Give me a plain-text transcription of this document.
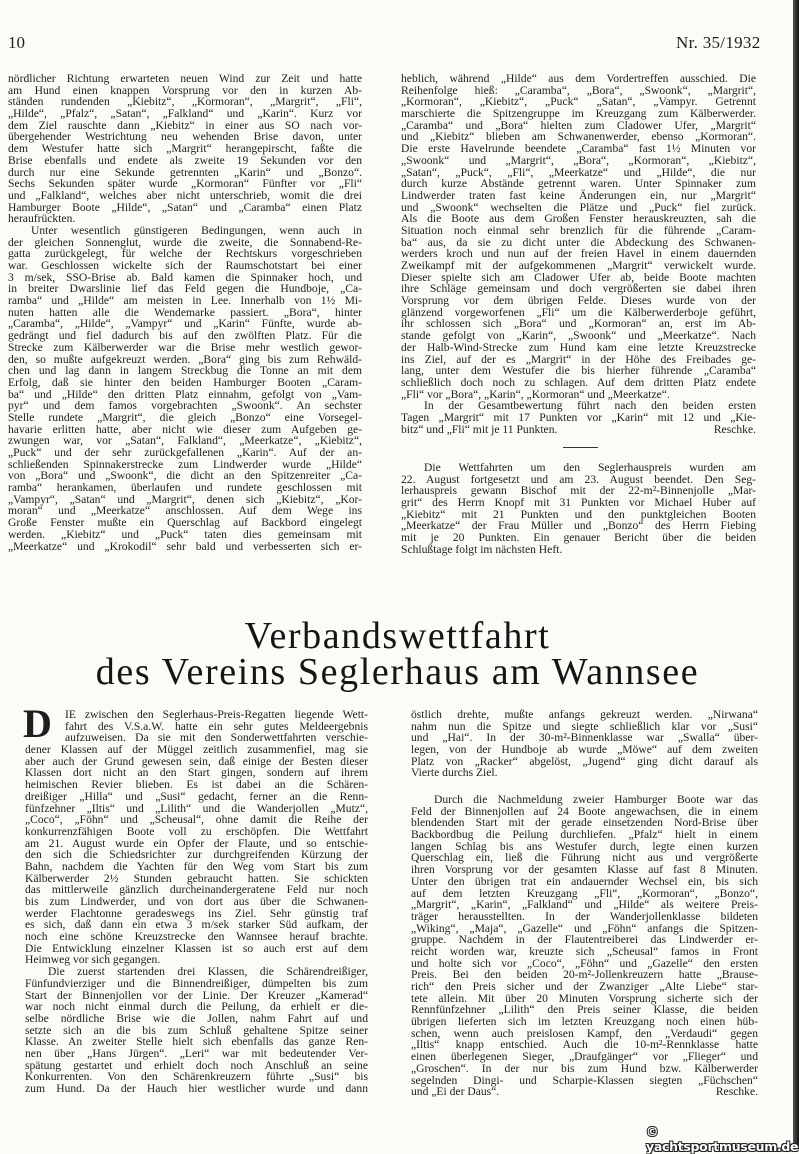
10	Nr. 35/1932
nördlicher Richtung erwarteten neuen Wind zur Zeit und hatte
am Hund einen knappen Vorsprung vor den in kurzen Ab-
ständen rundenden „Kiebitz“, „Kormoran“, „Margrit“, „Fli“,
„Hilde“, „Pfalz“, „Satan“, „Falkland“ und „Karin“. Kurz vor
dem Ziel rauschte dann „Kiebitz“ in einer aus SO nach vor-
übergehender Westrichtung neu wehenden Brise davon, unter
dem Westufer hatte sich „Margrit“ herangepirscht, faßte die
Brise ebenfalls und endete als zweite 19 Sekunden vor den
durch nur eine Sekunde getrennten „Karin“ und „Bonzo“.
Sechs Sekunden später wurde „Kormoran“ Fünfter vor „Fli“
und „Falkland“, welches aber nicht unterschrieb, womit die drei
Hamburger Boote „Hilde“, „Satan“ und „Caramba“ einen Platz
heraufrückten.
Unter wesentlich günstigeren Bedingungen, wenn auch in
der gleichen Sonnenglut, wurde die zweite, die Sonnabend-Re-
gatta zurückgelegt, für welche der Rechtskurs vorgeschrieben
war. Geschlossen wickelte sich der Raumschotstart bei einer
3 m/sek, SSO-Brise ab. Bald kamen die Spinnaker hoch, und
in breiter Dwarslinie lief das Feld gegen die Hundboje, „Ca-
ramba“ und „Hilde“ am meisten in Lee. Innerhalb von 1½ Mi-
nuten hatten alle die Wendemarke passiert. „Bora“, hinter
„Caramba“, „Hilde“, „Vampyr“ und „Karin“ Fünfte, wurde ab-
gedrängt und fiel dadurch bis auf den zwölften Platz. Für die
Strecke zum Kälberwerder war die Brise mehr westlich gewor-
den, so mußte aufgekreuzt werden. „Bora“ ging bis zum Rehwäld-
chen und lag dann in langem Streckbug die Tonne an mit dem
Erfolg, daß sie hinter den beiden Hamburger Booten „Caram-
ba“ und „Hilde“ den dritten Platz einnahm, gefolgt von „Vam-
pyr“ und dem famos vorgebrachten „Swoonk“. An sechster
Stelle rundete „Margrit“, die gleich „Bonzo“ eine Vorsegel-
havarie erlitten hatte, aber nicht wie dieser zum Aufgeben ge-
zwungen war, vor „Satan“, Falkland“, „Meerkatze“, „Kiebitz“,
„Puck“ und der sehr zurückgefallenen „Karin“. Auf der an-
schließenden Spinnakerstrecke zum Lindwerder wurde „Hilde“
von „Bora“ und „Swoonk“, die dicht an den Spitzenreiter „Ca-
ramba“ herankamen, überlaufen und rundete geschlossen mit
„Vampyr“, „Satan“ und „Margrit“, denen sich „Kiebitz“, „Kor-
moran“ und „Meerkatze“ anschlossen. Auf dem Wege ins
Große Fenster mußte ein Querschlag auf Backbord eingelegt
werden. „Kiebitz“ und „Puck“ taten dies gemeinsam mit
„Meerkatze“ und „Krokodil“ sehr bald und verbesserten sich er-
heblich, während „Hilde“ aus dem Vordertreffen ausschied. Die
Reihenfolge hieß: „Caramba“, „Bora“, „Swoonk“, „Margrit“,
„Kormoran“, „Kiebitz“, „Puck“ „Satan“, „Vampyr. Getrennt
marschierte die Spitzengruppe im Kreuzgang zum Kälberwerder.
„Caramba“ und „Bora“ hielten zum Cladower Ufer, „Margrit“
und „Kiebitz“ blieben am Schwanenwerder, ebenso „Kormoran“.
Die erste Havelrunde beendete „Caramba“ fast 1½ Minuten vor
„Swoonk“ und „Margrit“, „Bora“, „Kormoran“, „Kiebitz“,
„Satan“, „Puck“, „Fli“, „Meerkatze“ und „Hilde“, die nur
durch kurze Abstände getrennt waren. Unter Spinnaker zum
Lindwerder traten fast keine Änderungen ein, nur „Margrit“
und „Swoonk“ wechselten die Plätze und „Puck“ fiel zurück.
Als die Boote aus dem Großen Fenster herauskreuzten, sah die
Situation noch einmal sehr brenzlich für die führende „Caram-
ba“ aus, da sie zu dicht unter die Abdeckung des Schwanen-
werders kroch und nun auf der freien Havel in einem dauernden
Zweikampf mit der aufgekommenen „Margrit“ verwickelt wurde.
Dieser spielte sich am Cladower Ufer ab, beide Boote machten
ihre Schläge gemeinsam und doch vergrößerten sie dabei ihren
Vorsprung vor dem übrigen Felde. Dieses wurde von der
glänzend vorgeworfenen „Fli“ um die Kälberwerderboje geführt,
ihr schlossen sich „Bora“ und „Kormoran“ an, erst im Ab-
stande gefolgt von „Karin“, „Swoonk“ und „Meerkatze“. Nach
der Halb-Wind-Strecke zum Hund kam eine letzte Kreuzstrecke
ins Ziel, auf der es „Margrit“ in der Höhe des Freibades ge-
lang, unter dem Westufer die bis hierher führende „Caramba“
schließlich doch noch zu schlagen. Auf dem dritten Platz endete
„Fli“ vor „Bora“, „Karin“, „Kormoran“ und „Meerkatze“.
In der Gesamtbewertung führt nach den beiden ersten
Tagen „Margrit“ mit 17 Punkten vor „Karin“ mit 12 und „Kie-
Reschke.
bitz“ und „Fli“ mit je 11 Punkten.
Die Wettfahrten um den Seglerhauspreis wurden am
22. August fortgesetzt und am 23. August beendet. Den Seg-
lerhauspreis gewann Bischof mit der 22-m²-Binnenjolle „Mar-
grit“ des Herrn Knopf mit 31 Punkten vor Michael Huber auf
„Kiebitz“ mit 21 Punkten und den punktgleichen Booten
„Meerkatze“ der Frau Müller und „Bonzo“ des Herrn Fiebing
mit je 20 Punkten. Ein genauer Bericht über die beiden
Schlußtage folgt im nächsten Heft.
Verbandswettfahrt
des Vereins Seglerhaus am Wannsee
D	IE zwischen den Seglerhaus-Preis-Regatten liegende Wett-
fahrt des V.S.a.W. hatte ein sehr gutes Meldeergebnis
aufzuweisen. Da sie mit den Sonderwettfahrten verschie-
dener Klassen auf der Müggel zeitlich zusammenfiel, mag sie
aber auch der Grund gewesen sein, daß einige der Besten dieser
Klassen dort nicht an den Start gingen, sondern auf ihrem
heimischen Revier blieben. Es ist dabei an die Schären-
dreißiger „Hilla“ und „Susi“ gedacht, ferner an die Renn-
fünfzehner „Iltis“ und „Lilith“ und die Wanderjollen „Mutz“,
„Coco“, „Föhn“ und „Scheusal“, ohne damit die Reihe der
konkurrenzfähigen Boote voll zu erschöpfen. Die Wettfahrt
am 21. August wurde ein Opfer der Flaute, und so entschie-
den sich die Schiedsrichter zur durchgreifenden Kürzung der
Bahn, nachdem die Yachten für den Weg vom Start bis zum
Kälberwerder 2½ Stunden gebraucht hatten. Sie schickten
das mittlerweile gänzlich durcheinandergeratene Feld nur noch
bis zum Lindwerder, und von dort aus über die Schwanen-
werder Flachtonne geradeswegs ins Ziel. Sehr günstig traf
es sich, daß dann ein etwa 3 m/sek starker Süd aufkam, der
noch eine schöne Kreuzstrecke den Wannsee herauf brachte.
Die Entwicklung einzelner Klassen ist so auch erst auf dem
Heimweg vor sich gegangen.
Die zuerst startenden drei Klassen, die Schärendreißiger,
Fünfundvierziger und die Binnendreißiger, dümpelten bis zum
Start der Binnenjollen vor der Linie. Der Kreuzer „Kamerad“
war noch nicht einmal durch die Peilung, da erhielt er die-
selbe nördliche Brise wie die Jollen, nahm Fahrt auf und
setzte sich an die bis zum Schluß gehaltene Spitze seiner
Klasse. An zweiter Stelle hielt sich ebenfalls das ganze Ren-
nen über „Hans Jürgen“. „Leri“ war mit bedeutender Ver-
spätung gestartet und erhielt doch noch Anschluß an seine
Konkurrenten. Von den Schärenkreuzern führte „Susi“ bis
zum Hund. Da der Hauch hier westlicher wurde und dann
östlich drehte, mußte anfangs gekreuzt werden. „Nirwana“
nahm nun die Spitze und siegte schließlich klar vor „Susi“
und „Hai“. In der 30-m²-Binnenklasse war „Swalla“ über-
legen, von der Hundboje ab wurde „Möwe“ auf dem zweiten
Platz von „Racker“ abgelöst, „Jugend“ ging dicht darauf als
Vierte durchs Ziel.
Durch die Nachmeldung zweier Hamburger Boote war das
Feld der Binnenjollen auf 24 Boote angewachsen, die in einem
blendenden Start mit der gerade einsetzenden Nord-Brise über
Backbordbug die Peilung durchliefen. „Pfalz“ hielt in einem
langen Schlag bis ans Westufer durch, legte einen kurzen
Querschlag ein, ließ die Führung nicht aus und vergrößerte
ihren Vorsprung vor der gesamten Klasse auf fast 8 Minuten.
Unter den übrigen trat ein andauernder Wechsel ein, bis sich
auf dem letzten Kreuzgang „Fli“, „Kormoran“, „Bonzo“,
„Margrit“, „Karin“, „Falkland“ und „Hilde“ als weitere Preis-
träger herausstellten. In der Wanderjollenklasse bildeten
„Wiking“, „Maja“, „Gazelle“ und „Föhn“ anfangs die Spitzen-
gruppe. Nachdem in der Flautentreiberei das Lindwerder er-
reicht worden war, kreuzte sich „Scheusal“ famos in Front
und holte sich vor „Coco“, „Föhn“ und „Gazelle“ den ersten
Preis. Bei den beiden 20-m²-Jollenkreuzern hatte „Brause-
rich“ den Preis sicher und der Zwanziger „Alte Liebe“ star-
tete allein. Mit über 20 Minuten Vorsprung sicherte sich der
Rennfünfzehner „Lilith“ den Preis seiner Klasse, die beiden
übrigen lieferten sich im letzten Kreuzgang noch einen hüb-
schen, wenn auch preislosen Kampf, den „Verdaudi“ gegen
„Iltis“ knapp entschied. Auch die 10-m²-Rennklasse hatte
einen überlegenen Sieger, „Draufgänger“ vor „Flieger“ und
„Groschen“. In der nur bis zum Hund bzw. Kälberwerder
segelnden Dingi- und Scharpie-Klassen siegten „Füchschen“
Reschke.
und „Ei der Daus“.
© yachtsportmuseum.de
